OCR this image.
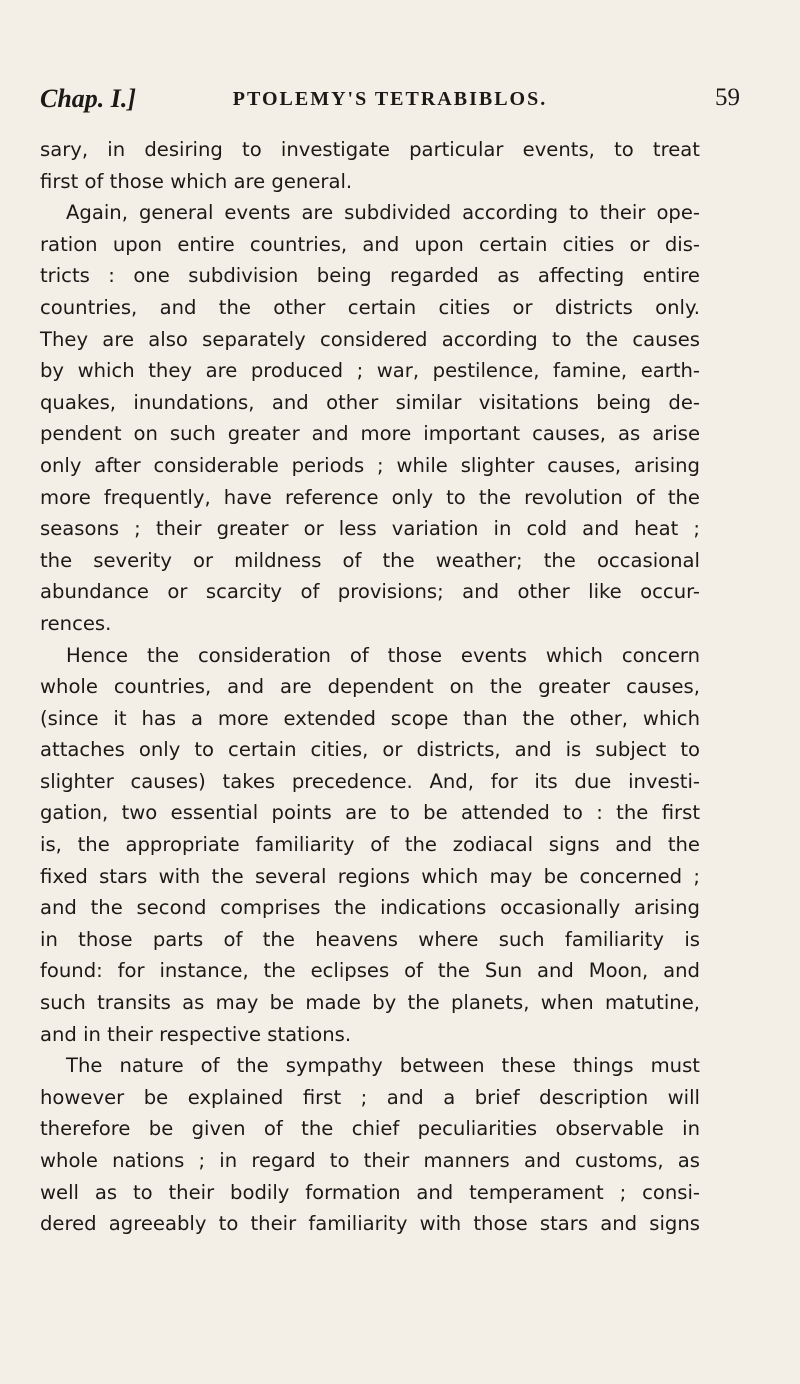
Chap. I.]	PTOLEMY'S TETRABIBLOS.	59
sary, in desiring to investigate particular events, to treat
first of those which are general.
Again, general events are subdivided according to their ope-
ration upon entire countries, and upon certain cities or dis-
tricts : one subdivision being regarded as affecting entire
countries, and the other certain cities or districts only.
They are also separately considered according to the causes
by which they are produced ; war, pestilence, famine, earth-
quakes, inundations, and other similar visitations being de-
pendent on such greater and more important causes, as arise
only after considerable periods ; while slighter causes, arising
more frequently, have reference only to the revolution of the
seasons ; their greater or less variation in cold and heat ;
the severity or mildness of the weather; the occasional
abundance or scarcity of provisions; and other like occur-
rences.
Hence the consideration of those events which concern
whole countries, and are dependent on the greater causes,
(since it has a more extended scope than the other, which
attaches only to certain cities, or districts, and is subject to
slighter causes) takes precedence. And, for its due investi-
gation, two essential points are to be attended to : the first
is, the appropriate familiarity of the zodiacal signs and the
fixed stars with the several regions which may be concerned ;
and the second comprises the indications occasionally arising
in those parts of the heavens where such familiarity is
found: for instance, the eclipses of the Sun and Moon, and
such transits as may be made by the planets, when matutine,
and in their respective stations.
The nature of the sympathy between these things must
however be explained first ; and a brief description will
therefore be given of the chief peculiarities observable in
whole nations ; in regard to their manners and customs, as
well as to their bodily formation and temperament ; consi-
dered agreeably to their familiarity with those stars and signs
